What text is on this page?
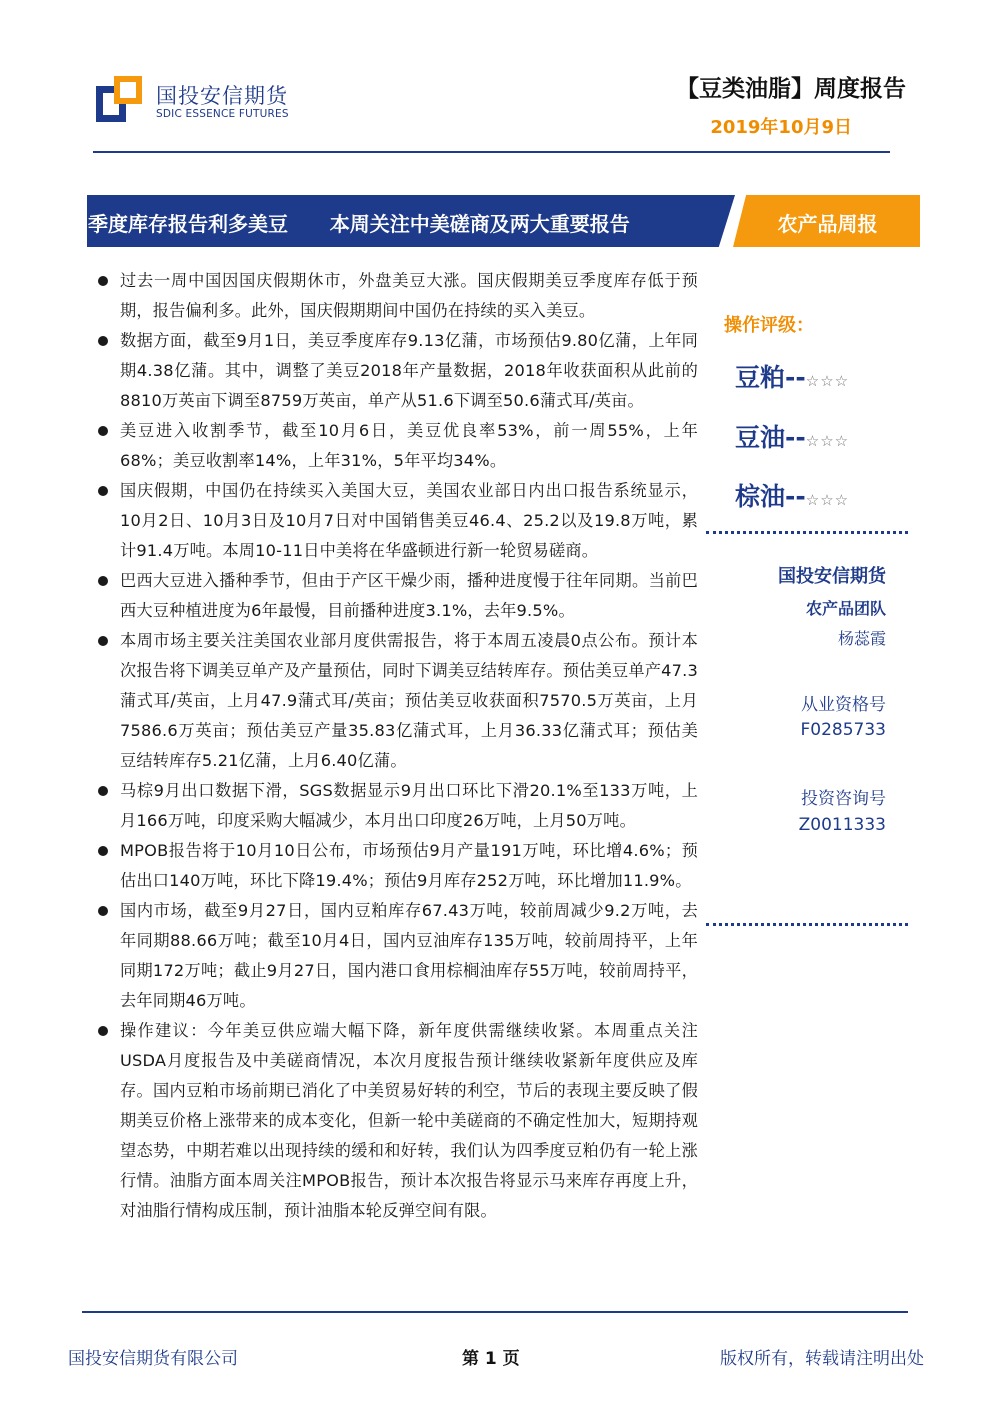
国投安信期货
SDIC ESSENCE FUTURES
【豆类油脂】周度报告
2019年10月9日
季度库存报告利多美豆      本周关注中美磋商及两大重要报告	农产品周报
过去一周中国因国庆假期休市，外盘美豆大涨。国庆假期美豆季度库存低于预期，报告偏利多。此外，国庆假期期间中国仍在持续的买入美豆。
数据方面，截至9月1日，美豆季度库存9.13亿蒲，市场预估9.80亿蒲，上年同期4.38亿蒲。其中，调整了美豆2018年产量数据，2018年收获面积从此前的8810万英亩下调至8759万英亩，单产从51.6下调至50.6蒲式耳/英亩。
美豆进入收割季节，截至10月6日，美豆优良率53%，前一周55%，上年68%；美豆收割率14%，上年31%，5年平均34%。
国庆假期，中国仍在持续买入美国大豆，美国农业部日内出口报告系统显示，10月2日、10月3日及10月7日对中国销售美豆46.4、25.2以及19.8万吨，累计91.4万吨。本周10-11日中美将在华盛顿进行新一轮贸易磋商。
巴西大豆进入播种季节，但由于产区干燥少雨，播种进度慢于往年同期。当前巴西大豆种植进度为6年最慢，目前播种进度3.1%，去年9.5%。
本周市场主要关注美国农业部月度供需报告，将于本周五凌晨0点公布。预计本次报告将下调美豆单产及产量预估，同时下调美豆结转库存。预估美豆单产47.3蒲式耳/英亩，上月47.9蒲式耳/英亩；预估美豆收获面积7570.5万英亩，上月7586.6万英亩；预估美豆产量35.83亿蒲式耳，上月36.33亿蒲式耳；预估美豆结转库存5.21亿蒲，上月6.40亿蒲。
马棕9月出口数据下滑，SGS数据显示9月出口环比下滑20.1%至133万吨，上月166万吨，印度采购大幅减少，本月出口印度26万吨，上月50万吨。
MPOB报告将于10月10日公布，市场预估9月产量191万吨，环比增4.6%；预估出口140万吨，环比下降19.4%；预估9月库存252万吨，环比增加11.9%。
国内市场，截至9月27日，国内豆粕库存67.43万吨，较前周减少9.2万吨，去年同期88.66万吨；截至10月4日，国内豆油库存135万吨，较前周持平，上年同期172万吨；截止9月27日，国内港口食用棕榈油库存55万吨，较前周持平，去年同期46万吨。
操作建议：今年美豆供应端大幅下降，新年度供需继续收紧。本周重点关注USDA月度报告及中美磋商情况，本次月度报告预计继续收紧新年度供应及库存。国内豆粕市场前期已消化了中美贸易好转的利空，节后的表现主要反映了假期美豆价格上涨带来的成本变化，但新一轮中美磋商的不确定性加大，短期持观望态势，中期若难以出现持续的缓和和好转，我们认为四季度豆粕仍有一轮上涨行情。油脂方面本周关注MPOB报告，预计本次报告将显示马来库存再度上升，对油脂行情构成压制，预计油脂本轮反弹空间有限。
操作评级：
豆粕--☆☆☆
豆油--☆☆☆
棕油--☆☆☆
国投安信期货
农产品团队
杨蕊霞
从业资格号
F0285733
投资咨询号
Z0011333
国投安信期货有限公司	第 1 页	版权所有，转载请注明出处
